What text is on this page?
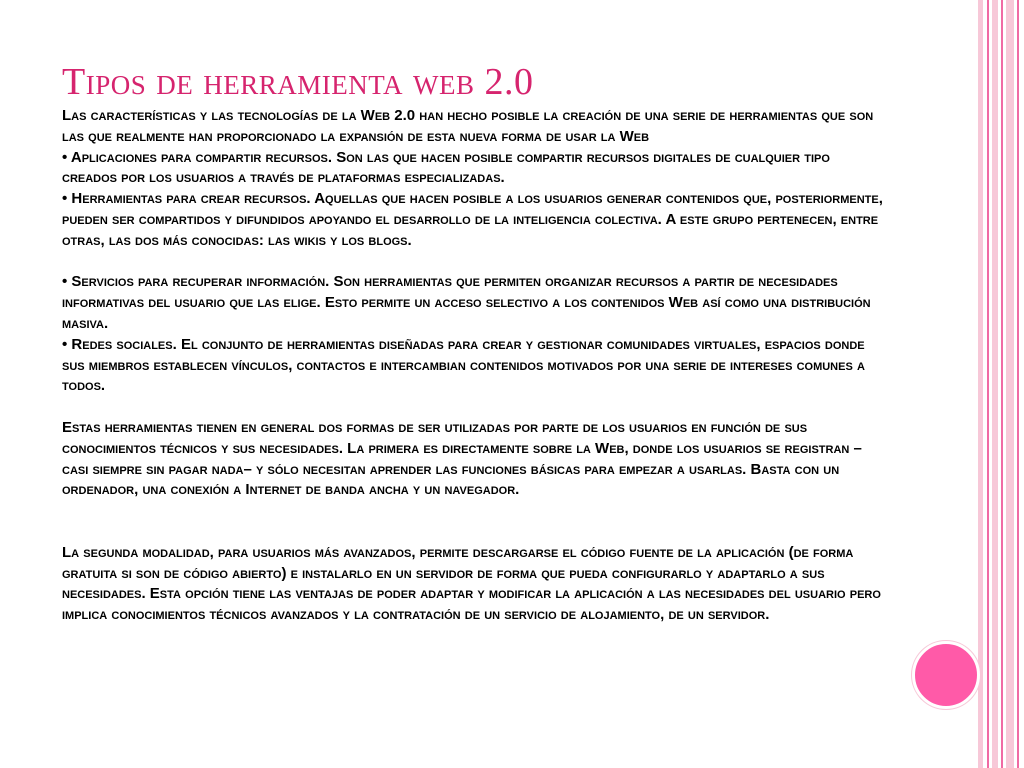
Tipos de herramienta web 2.0

Las características y las tecnologías de la Web 2.0 han hecho posible la creación de una serie de herramientas que son las que realmente han proporcionado la expansión de esta nueva forma de usar la Web

• Aplicaciones para compartir recursos. Son las que hacen posible compartir recursos digitales de cualquier tipo creados por los usuarios a través de plataformas especializadas.

• Herramientas para crear recursos. Aquellas que hacen posible a los usuarios generar contenidos que, posteriormente, pueden ser compartidos y difundidos apoyando el desarrollo de la inteligencia colectiva. A este grupo pertenecen, entre otras, las dos más conocidas: las wikis y los blogs.

• Servicios para recuperar información. Son herramientas que permiten organizar recursos a partir de necesidades informativas del usuario que las elige. Esto permite un acceso selectivo a los contenidos Web así como una distribución masiva.

• Redes sociales. El conjunto de herramientas diseñadas para crear y gestionar comunidades virtuales, espacios donde sus miembros establecen vínculos, contactos e intercambian contenidos motivados por una serie de intereses comunes a todos.

Estas herramientas tienen en general dos formas de ser utilizadas por parte de los usuarios en función de sus conocimientos técnicos y sus necesidades. La primera es directamente sobre la Web, donde los usuarios se registran –casi siempre sin pagar nada– y sólo necesitan aprender las funciones básicas para empezar a usarlas. Basta con un ordenador, una conexión a Internet de banda ancha y un navegador.

La segunda modalidad, para usuarios más avanzados, permite descargarse el código fuente de la aplicación (de forma gratuita si son de código abierto) e instalarlo en un servidor de forma que pueda configurarlo y adaptarlo a sus necesidades. Esta opción tiene las ventajas de poder adaptar y modificar la aplicación a las necesidades del usuario pero implica conocimientos técnicos avanzados y la contratación de un servicio de alojamiento, de un servidor.
